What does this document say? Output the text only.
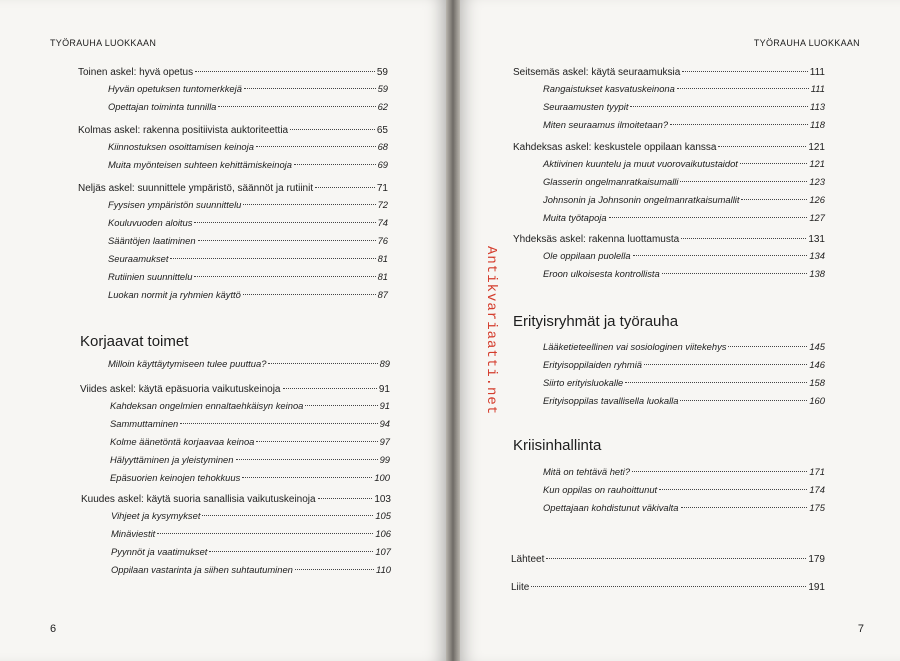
TYÖRAUHA LUOKKAAN
Toinen askel: hyvä opetus	59
Hyvän opetuksen tuntomerkkejä	59
Opettajan toiminta tunnilla	62
Kolmas askel: rakenna positiivista auktoriteettia	65
Kiinnostuksen osoittamisen keinoja	68
Muita myönteisen suhteen kehittämiskeinoja	69
Neljäs askel: suunnittele ympäristö, säännöt ja rutiinit	71
Fyysisen ympäristön suunnittelu	72
Kouluvuoden aloitus	74
Sääntöjen laatiminen	76
Seuraamukset	81
Rutiinien suunnittelu	81
Luokan normit ja ryhmien käyttö	87
Korjaavat toimet
Milloin käyttäytymiseen tulee puuttua?	89
Viides askel: käytä epäsuoria vaikutuskeinoja	91
Kahdeksan ongelmien ennaltaehkäisyn keinoa	91
Sammuttaminen	94
Kolme äänetöntä korjaavaa keinoa	97
Hälyyttäminen ja yleistyminen	99
Epäsuorien keinojen tehokkuus	100
Kuudes askel: käytä suoria sanallisia vaikutuskeinoja	103
Vihjeet ja kysymykset	105
Minäviestit	106
Pyynnöt ja vaatimukset	107
Oppilaan vastarinta ja siihen suhtautuminen	110
6
TYÖRAUHA LUOKKAAN
Seitsemäs askel: käytä seuraamuksia	111
Rangaistukset kasvatuskeinona	111
Seuraamusten tyypit	113
Miten seuraamus ilmoitetaan?	118
Kahdeksas askel: keskustele oppilaan kanssa	121
Aktiivinen kuuntelu ja muut vuorovaikutustaidot	121
Glasserin ongelmanratkaisumalli	123
Johnsonin ja Johnsonin ongelmanratkaisumallit	126
Muita työtapoja	127
Yhdeksäs askel: rakenna luottamusta	131
Ole oppilaan puolella	134
Eroon ulkoisesta kontrollista	138
Erityisryhmät ja työrauha
Lääketieteellinen vai sosiologinen viitekehys	145
Erityisoppilaiden ryhmiä	146
Siirto erityisluokalle	158
Erityisoppilas tavallisella luokalla	160
Kriisinhallinta
Mitä on tehtävä heti?	171
Kun oppilas on rauhoittunut	174
Opettajaan kohdistunut väkivalta	175
Lähteet	179
Liite	191
7
Antikvariaatti.net
